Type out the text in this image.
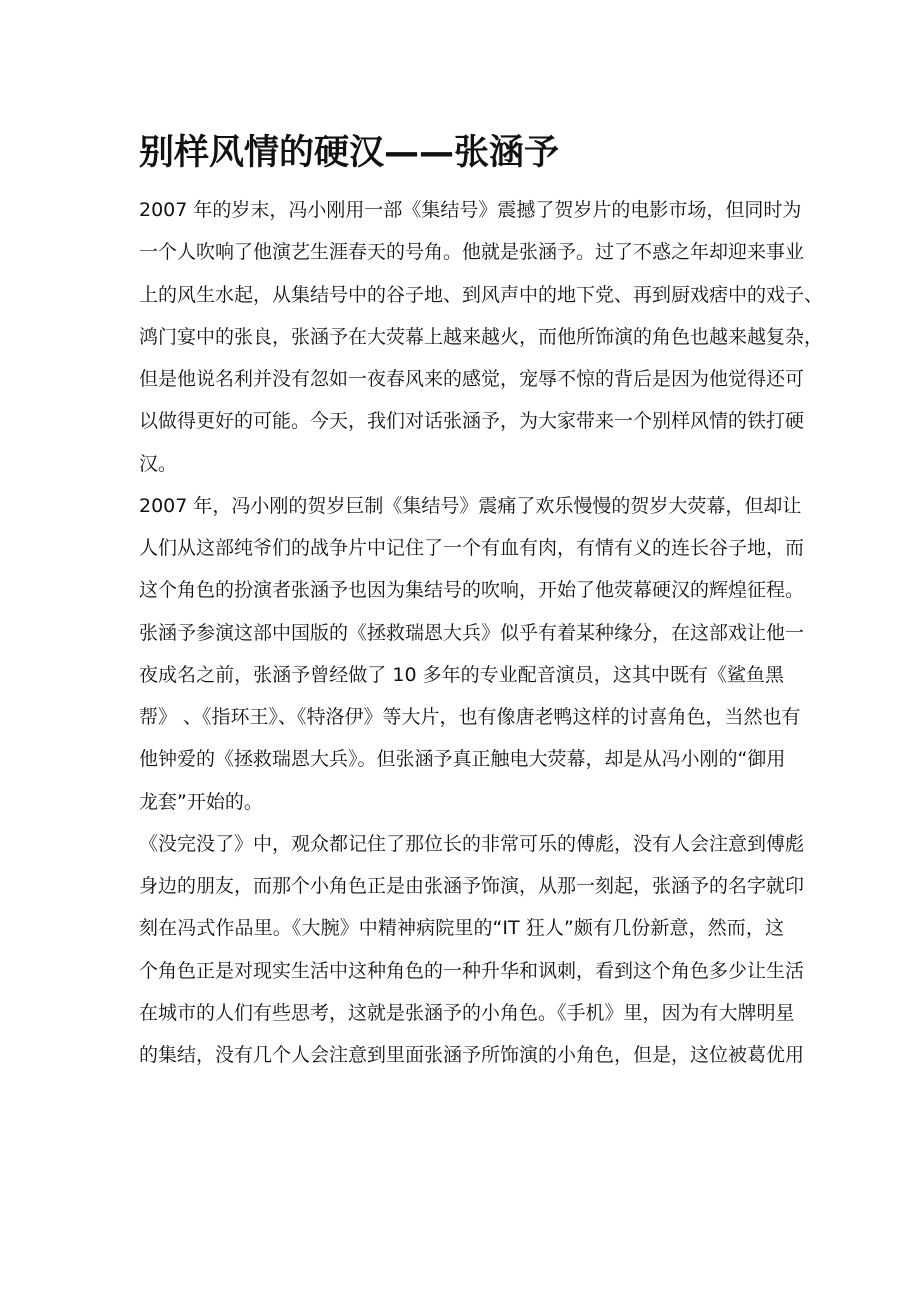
别样风情的硬汉——张涵予
2007 年的岁末，冯小刚用一部《集结号》震撼了贺岁片的电影市场，但同时为
一个人吹响了他演艺生涯春天的号角。他就是张涵予。过了不惑之年却迎来事业
上的风生水起，从集结号中的谷子地、到风声中的地下党、再到厨戏痞中的戏子、
鸿门宴中的张良，张涵予在大荧幕上越来越火，而他所饰演的角色也越来越复杂，
但是他说名利并没有忽如一夜春风来的感觉，宠辱不惊的背后是因为他觉得还可
以做得更好的可能。今天，我们对话张涵予，为大家带来一个别样风情的铁打硬
汉。
2007 年，冯小刚的贺岁巨制《集结号》震痛了欢乐慢慢的贺岁大荧幕，但却让
人们从这部纯爷们的战争片中记住了一个有血有肉，有情有义的连长谷子地，而
这个角色的扮演者张涵予也因为集结号的吹响，开始了他荧幕硬汉的辉煌征程。
张涵予参演这部中国版的《拯救瑞恩大兵》似乎有着某种缘分，在这部戏让他一
夜成名之前，张涵予曾经做了 10 多年的专业配音演员，这其中既有《鲨鱼黑
帮》 、《指环王》、《特洛伊》等大片，也有像唐老鸭这样的讨喜角色，当然也有
他钟爱的《拯救瑞恩大兵》。但张涵予真正触电大荧幕，却是从冯小刚的“御用
龙套”开始的。
《没完没了》中，观众都记住了那位长的非常可乐的傅彪，没有人会注意到傅彪
身边的朋友，而那个小角色正是由张涵予饰演，从那一刻起，张涵予的名字就印
刻在冯式作品里。《大腕》中精神病院里的“IT 狂人”颇有几份新意，然而，这
个角色正是对现实生活中这种角色的一种升华和讽刺，看到这个角色多少让生活
在城市的人们有些思考，这就是张涵予的小角色。《手机》里，因为有大牌明星
的集结，没有几个人会注意到里面张涵予所饰演的小角色，但是，这位被葛优用
